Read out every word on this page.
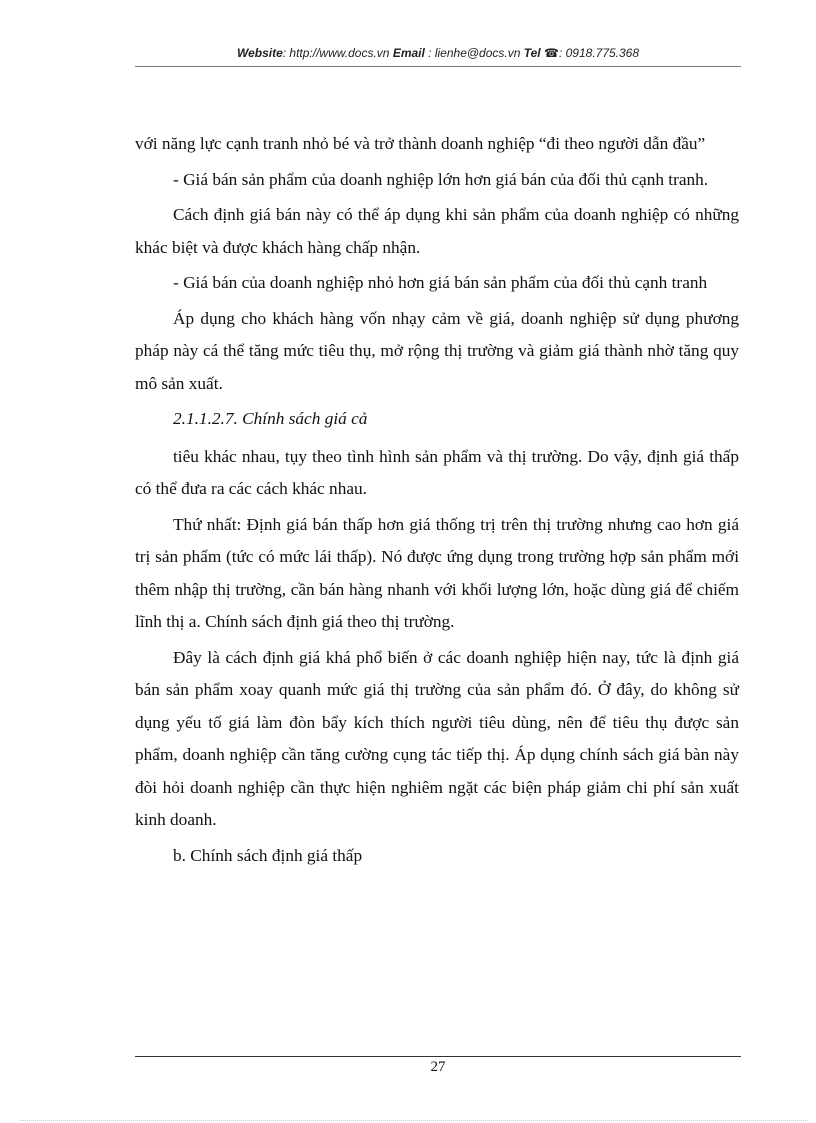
Website: http://www.docs.vn Email : lienhe@docs.vn Tel ☎: 0918.775.368

với năng lực cạnh tranh nhỏ bé và trở thành doanh nghiệp “đi theo người dẫn đầu”

- Giá bán sản phẩm của doanh nghiệp lớn hơn giá bán của đối thủ cạnh tranh.

Cách định giá bán này có thể áp dụng khi sản phẩm của doanh nghiệp có những khác biệt và được khách hàng chấp nhận.

- Giá bán của doanh nghiệp nhỏ hơn giá bán sản phẩm của đối thủ cạnh tranh

Áp dụng cho khách hàng vốn nhạy cảm về giá, doanh nghiệp sử dụng phương pháp này cá thể tăng mức tiêu thụ, mở rộng thị trường và giảm giá thành nhờ tăng quy mô sản xuất.

2.1.1.2.7. Chính sách giá cả

tiêu khác nhau, tụy theo tình hình sản phẩm và thị trường. Do vậy, định giá thấp có thể đưa ra các cách khác nhau.

Thứ nhất: Định giá bán thấp hơn giá thống trị trên thị trường nhưng cao hơn giá trị sản phẩm (tức có mức lái thấp). Nó được ứng dụng trong trường hợp sản phẩm mới thêm nhập thị trường, cần bán hàng nhanh với khối lượng lớn, hoặc dùng giá để chiếm lĩnh thị a. Chính sách định giá theo thị trường.

Đây là cách định giá khá phổ biến ở các doanh nghiệp hiện nay, tức là định giá bán sản phẩm xoay quanh mức giá thị trường của sản phẩm đó. Ở đây, do không sử dụng yếu tố giá làm đòn bẩy kích thích người tiêu dùng, nên để tiêu thụ được sản phẩm, doanh nghiệp cần tăng cường cụng tác tiếp thị. Áp dụng chính sách giá bàn này đòi hỏi doanh nghiệp cần thực hiện nghiêm ngặt các biện pháp giảm chi phí sản xuất kinh doanh.

b. Chính sách định giá thấp

27
